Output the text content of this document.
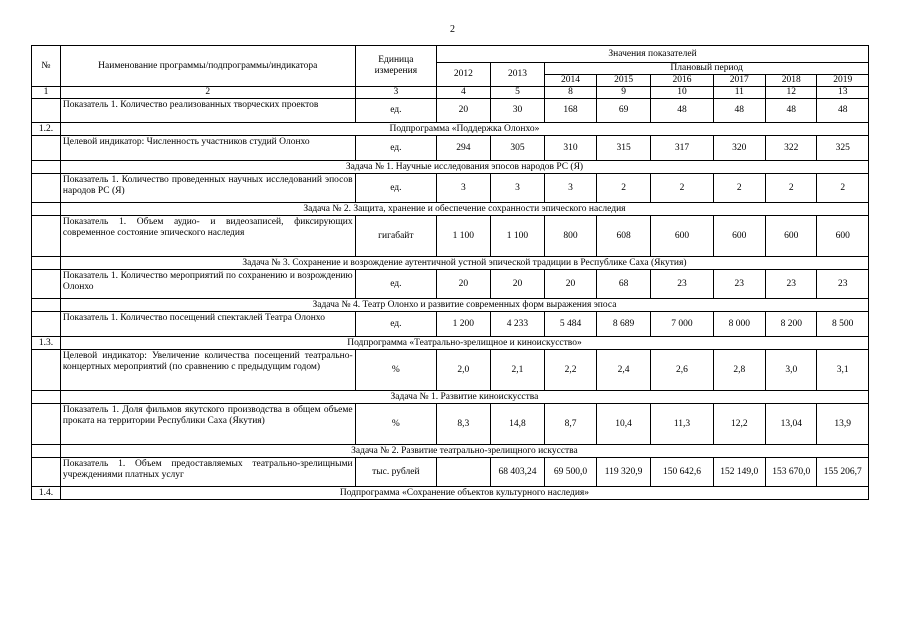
2
№	Наименование программы/подпрограммы/индикатора	Единица измерения	Значения показателей							
			2012	2013	Плановый период					
					2014	2015	2016	2017	2018	2019
1	2	3	4	5	8	9	10	11	12	13
	Показатель 1. Количество реализованных творческих проектов	ед.	20	30	168	69	48	48	48	48
1.2.	Подпрограмма «Поддержка Олонхо»									
	Целевой индикатор: Численность участников студий Олонхо	ед.	294	305	310	315	317	320	322	325
	Задача № 1. Научные исследования эпосов народов РС (Я)									
	Показатель 1. Количество проведенных научных исследований эпосов народов РС (Я)	ед.	3	3	3	2	2	2	2	2
	Задача № 2. Защита, хранение и обеспечение сохранности эпического наследия									
	Показатель 1. Объем аудио- и видеозаписей, фиксирующих современное состояние эпического наследия	гигабайт	1 100	1 100	800	608	600	600	600	600
	Задача № 3. Сохранение и возрождение аутентичной устной эпической традиции в Республике Саха (Якутия)									
	Показатель 1. Количество мероприятий по сохранению и возрождению Олонхо	ед.	20	20	20	68	23	23	23	23
	Задача № 4. Театр Олонхо и развитие современных форм выражения эпоса									
	Показатель 1. Количество посещений спектаклей Театра Олонхо	ед.	1 200	4 233	5 484	8 689	7 000	8 000	8 200	8 500
1.3.	Подпрограмма «Театрально-зрелищное и киноискусство»									
	Целевой индикатор: Увеличение количества посещений театрально-концертных мероприятий (по сравнению с предыдущим годом)	%	2,0	2,1	2,2	2,4	2,6	2,8	3,0	3,1
	Задача № 1. Развитие киноискусства									
	Показатель 1. Доля фильмов якутского производства в общем объеме проката на территории Республики Саха (Якутия)	%	8,3	14,8	8,7	10,4	11,3	12,2	13,04	13,9
	Задача № 2. Развитие театрально-зрелищного искусства									
	Показатель 1. Объем предоставляемых театрально-зрелищными учреждениями платных услуг	тыс. рублей		68 403,24	69 500,0	119 320,9	150 642,6	152 149,0	153 670,0	155 206,7
1.4.	Подпрограмма «Сохранение объектов культурного наследия»									
